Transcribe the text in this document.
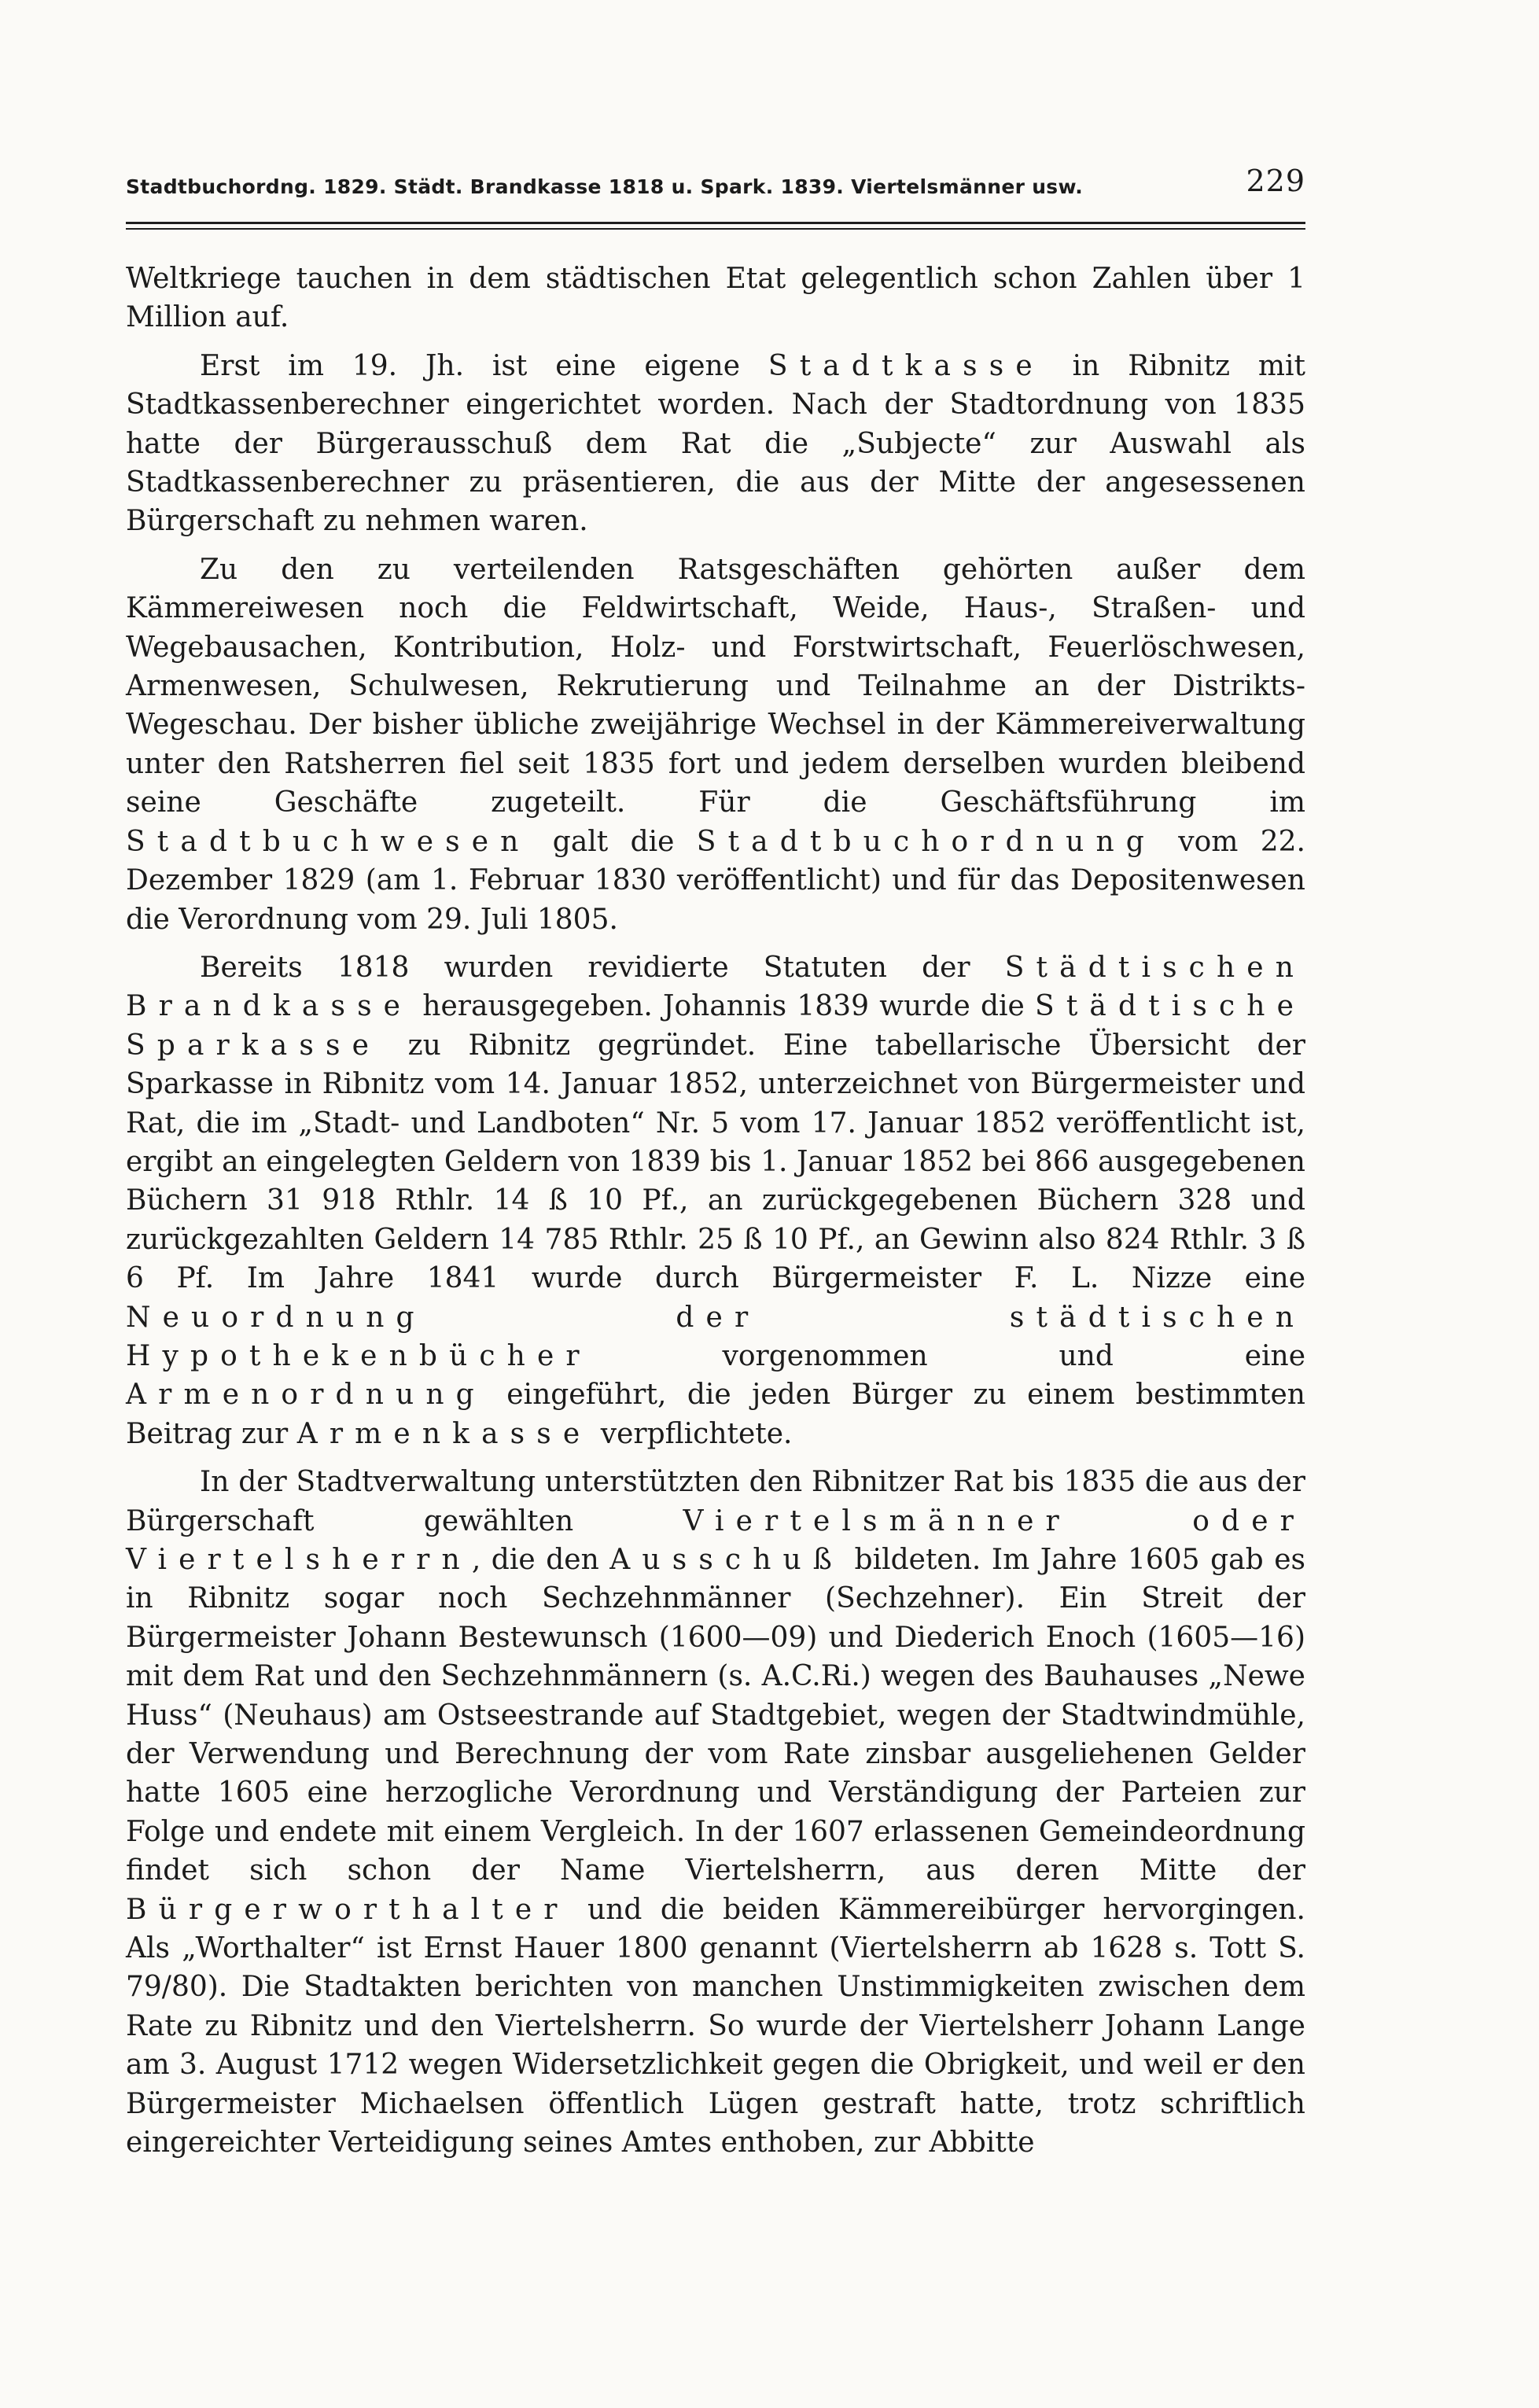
Stadtbuchordng. 1829. Städt. Brandkasse 1818 u. Spark. 1839. Viertelsmänner usw.	229

Weltkriege tauchen in dem städtischen Etat gelegentlich schon Zahlen über 1 Million auf.

Erst im 19. Jh. ist eine eigene Stadtkasse in Ribnitz mit Stadtkassenberechner eingerichtet worden. Nach der Stadtordnung von 1835 hatte der Bürgerausschuß dem Rat die „Subjecte“ zur Auswahl als Stadtkassenberechner zu präsentieren, die aus der Mitte der angesessenen Bürgerschaft zu nehmen waren.

Zu den zu verteilenden Ratsgeschäften gehörten außer dem Kämmereiwesen noch die Feldwirtschaft, Weide, Haus-, Straßen- und Wegebausachen, Kontribution, Holz- und Forstwirtschaft, Feuerlöschwesen, Armenwesen, Schulwesen, Rekrutierung und Teilnahme an der Distrikts-Wegeschau. Der bisher übliche zweijährige Wechsel in der Kämmereiverwaltung unter den Ratsherren fiel seit 1835 fort und jedem derselben wurden bleibend seine Geschäfte zugeteilt. Für die Geschäftsführung im Stadtbuchwesen galt die Stadtbuchordnung vom 22. Dezember 1829 (am 1. Februar 1830 veröffentlicht) und für das Depositenwesen die Verordnung vom 29. Juli 1805.

Bereits 1818 wurden revidierte Statuten der Städtischen Brandkasse herausgegeben. Johannis 1839 wurde die Städtische Sparkasse zu Ribnitz gegründet. Eine tabellarische Übersicht der Sparkasse in Ribnitz vom 14. Januar 1852, unterzeichnet von Bürgermeister und Rat, die im „Stadt- und Landboten“ Nr. 5 vom 17. Januar 1852 veröffentlicht ist, ergibt an eingelegten Geldern von 1839 bis 1. Januar 1852 bei 866 ausgegebenen Büchern 31 918 Rthlr. 14 ß 10 Pf., an zurückgegebenen Büchern 328 und zurückgezahlten Geldern 14 785 Rthlr. 25 ß 10 Pf., an Gewinn also 824 Rthlr. 3 ß 6 Pf. Im Jahre 1841 wurde durch Bürgermeister F. L. Nizze eine Neuordnung der städtischen Hypothekenbücher vorgenommen und eine Armenordnung eingeführt, die jeden Bürger zu einem bestimmten Beitrag zur Armenkasse verpflichtete.

In der Stadtverwaltung unterstützten den Ribnitzer Rat bis 1835 die aus der Bürgerschaft gewählten Viertelsmänner oder Viertelsherrn, die den Ausschuß bildeten. Im Jahre 1605 gab es in Ribnitz sogar noch Sechzehnmänner (Sechzehner). Ein Streit der Bürgermeister Johann Bestewunsch (1600—09) und Diederich Enoch (1605—16) mit dem Rat und den Sechzehnmännern (s. A.C.Ri.) wegen des Bauhauses „Newe Huss“ (Neuhaus) am Ostseestrande auf Stadtgebiet, wegen der Stadtwindmühle, der Verwendung und Berechnung der vom Rate zinsbar ausgeliehenen Gelder hatte 1605 eine herzogliche Verordnung und Verständigung der Parteien zur Folge und endete mit einem Vergleich. In der 1607 erlassenen Gemeindeordnung findet sich schon der Name Viertelsherrn, aus deren Mitte der Bürgerworthalter und die beiden Kämmereibürger hervorgingen. Als „Worthalter“ ist Ernst Hauer 1800 genannt (Viertelsherrn ab 1628 s. Tott S. 79/80). Die Stadtakten berichten von manchen Unstimmigkeiten zwischen dem Rate zu Ribnitz und den Viertelsherrn. So wurde der Viertelsherr Johann Lange am 3. August 1712 wegen Widersetzlichkeit gegen die Obrigkeit, und weil er den Bürgermeister Michaelsen öffentlich Lügen gestraft hatte, trotz schriftlich eingereichter Verteidigung seines Amtes enthoben, zur Abbitte
